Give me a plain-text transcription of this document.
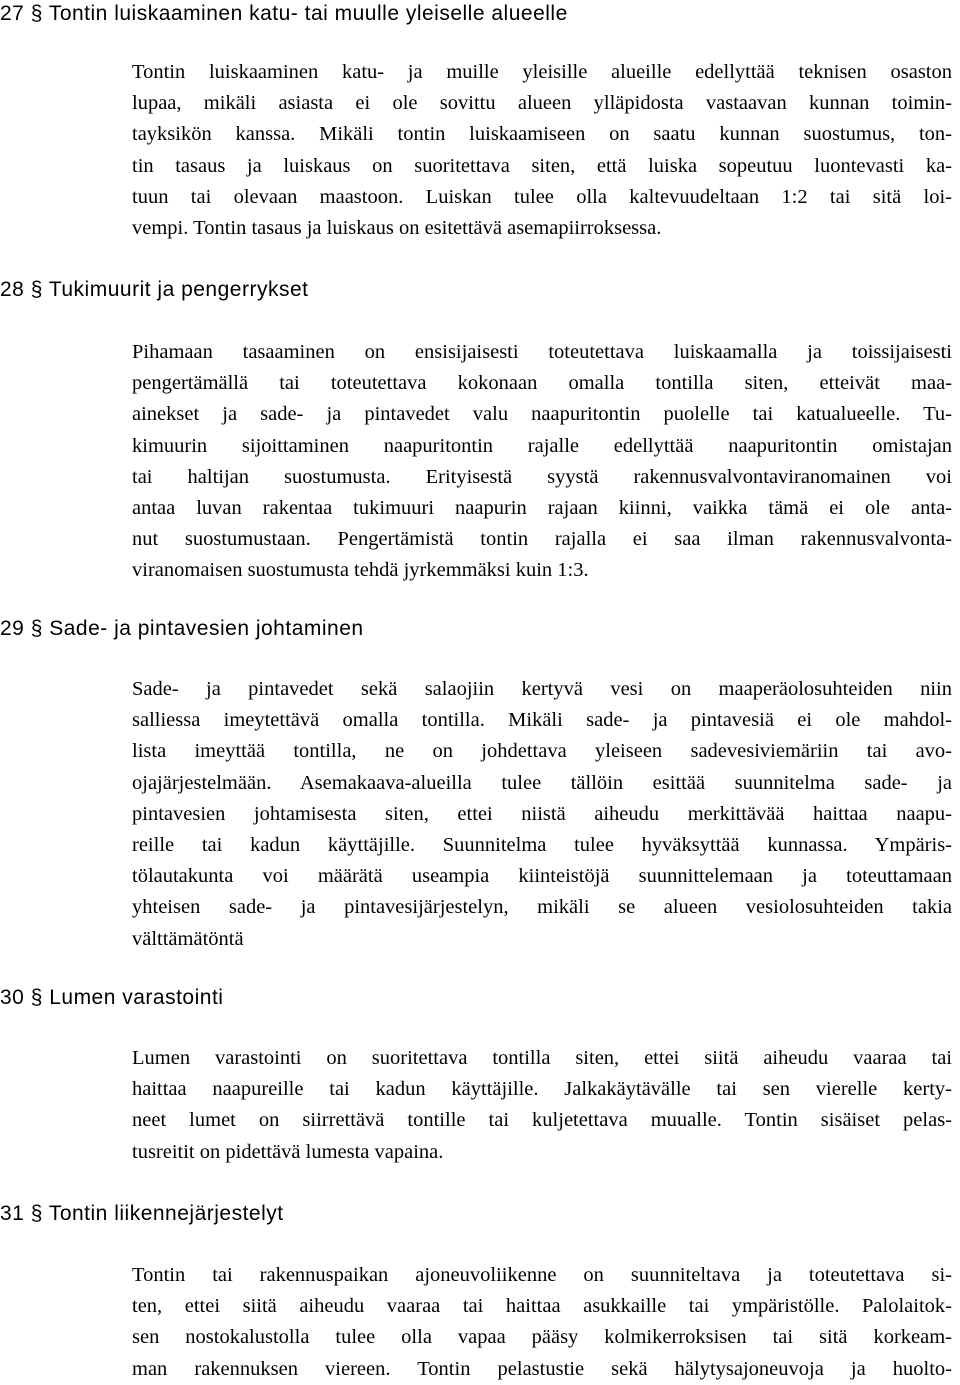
27 § Tontin luiskaaminen katu- tai muulle yleiselle alueelle
Tontin luiskaaminen katu- ja muille yleisille alueille edellyttää teknisen osaston
lupaa, mikäli asiasta ei ole sovittu alueen ylläpidosta vastaavan kunnan toimin-
tayksikön kanssa. Mikäli tontin luiskaamiseen on saatu kunnan suostumus, ton-
tin tasaus ja luiskaus on suoritettava siten, että luiska sopeutuu luontevasti ka-
tuun tai olevaan maastoon. Luiskan tulee olla kaltevuudeltaan 1:2 tai sitä loi-
vempi. Tontin tasaus ja luiskaus on esitettävä asemapiirroksessa.
28 § Tukimuurit ja pengerrykset
Pihamaan tasaaminen on ensisijaisesti toteutettava luiskaamalla ja toissijaisesti
pengertämällä tai toteutettava kokonaan omalla tontilla siten, etteivät maa-
ainekset ja sade- ja pintavedet valu naapuritontin puolelle tai katualueelle. Tu-
kimuurin sijoittaminen naapuritontin rajalle edellyttää naapuritontin omistajan
tai haltijan suostumusta. Erityisestä syystä rakennusvalvontaviranomainen voi
antaa luvan rakentaa tukimuuri naapurin rajaan kiinni, vaikka tämä ei ole anta-
nut suostumustaan. Pengertämistä tontin rajalla ei saa ilman rakennusvalvonta-
viranomaisen suostumusta tehdä jyrkemmäksi kuin 1:3.
29 § Sade- ja pintavesien johtaminen
Sade- ja pintavedet sekä salaojiin kertyvä vesi on maaperäolosuhteiden niin
salliessa imeytettävä omalla tontilla. Mikäli sade- ja pintavesiä ei ole mahdol-
lista imeyttää tontilla, ne on johdettava yleiseen sadevesiviemäriin tai avo-
ojajärjestelmään. Asemakaava-alueilla tulee tällöin esittää suunnitelma sade- ja
pintavesien johtamisesta siten, ettei niistä aiheudu merkittävää haittaa naapu-
reille tai kadun käyttäjille. Suunnitelma tulee hyväksyttää kunnassa. Ympäris-
tölautakunta voi määrätä useampia kiinteistöjä suunnittelemaan ja toteuttamaan
yhteisen sade- ja pintavesijärjestelyn, mikäli se alueen vesiolosuhteiden takia
välttämätöntä
30 § Lumen varastointi
Lumen varastointi on suoritettava tontilla siten, ettei siitä aiheudu vaaraa tai
haittaa naapureille tai kadun käyttäjille. Jalkakäytävälle tai sen vierelle kerty-
neet lumet on siirrettävä tontille tai kuljetettava muualle. Tontin sisäiset pelas-
tusreitit on pidettävä lumesta vapaina.
31 § Tontin liikennejärjestelyt
Tontin tai rakennuspaikan ajoneuvoliikenne on suunniteltava ja toteutettava si-
ten, ettei siitä aiheudu vaaraa tai haittaa asukkaille tai ympäristölle. Palolaitok-
sen nostokalustolla tulee olla vapaa pääsy kolmikerroksisen tai sitä korkeam-
man rakennuksen viereen. Tontin pelastustie sekä hälytysajoneuvoja ja huolto-
